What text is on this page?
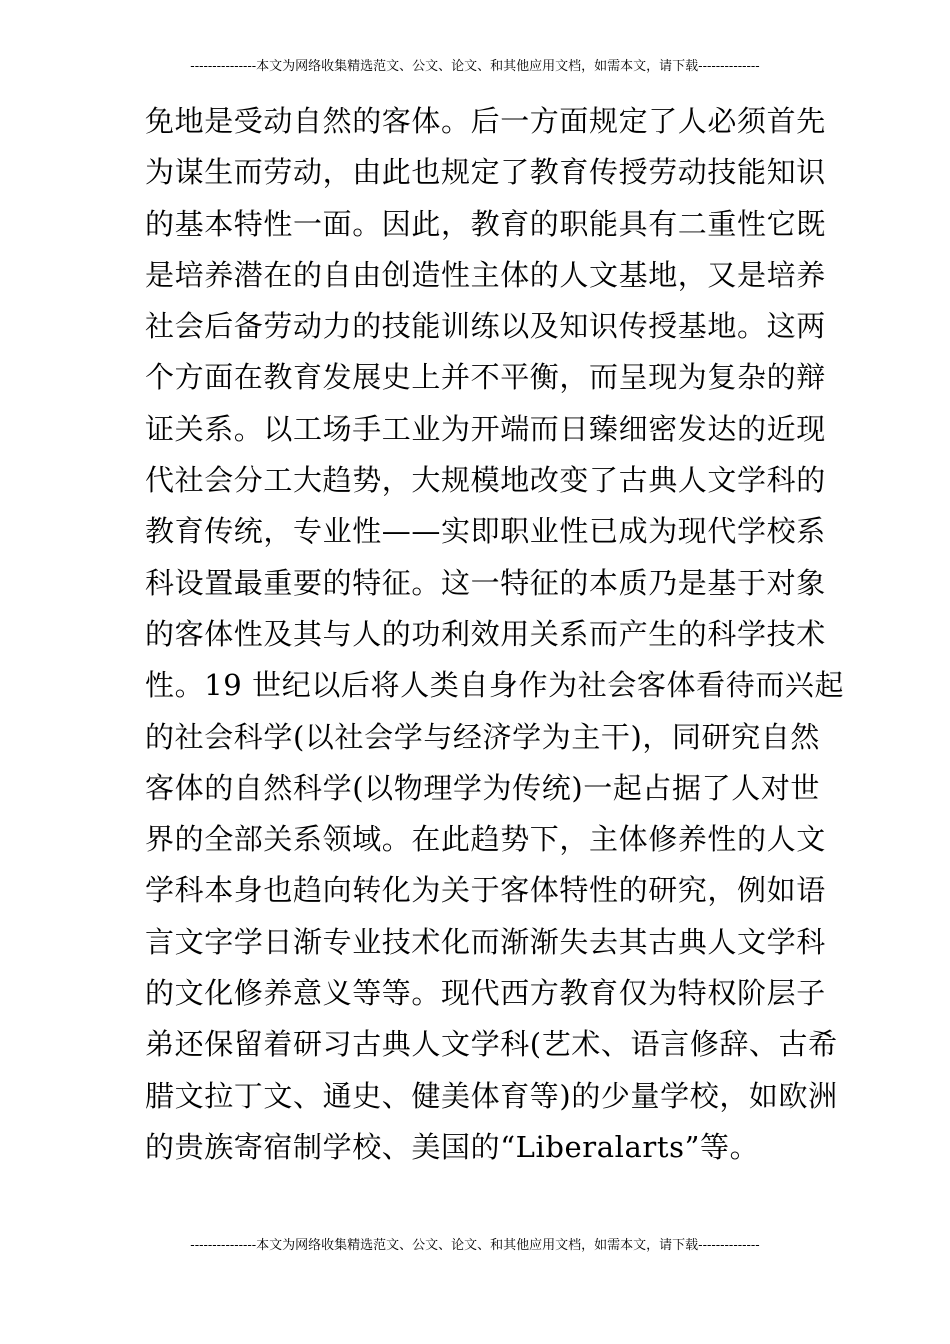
---------------本文为网络收集精选范文、公文、论文、和其他应用文档，如需本文，请下载--------------
免地是受动自然的客体。后一方面规定了人必须首先
为谋生而劳动，由此也规定了教育传授劳动技能知识
的基本特性一面。因此，教育的职能具有二重性它既
是培养潜在的自由创造性主体的人文基地，又是培养
社会后备劳动力的技能训练以及知识传授基地。这两
个方面在教育发展史上并不平衡，而呈现为复杂的辩
证关系。以工场手工业为开端而日臻细密发达的近现
代社会分工大趋势，大规模地改变了古典人文学科的
教育传统，专业性——实即职业性已成为现代学校系
科设置最重要的特征。这一特征的本质乃是基于对象
的客体性及其与人的功利效用关系而产生的科学技术
性。19 世纪以后将人类自身作为社会客体看待而兴起
的社会科学(以社会学与经济学为主干)，同研究自然
客体的自然科学(以物理学为传统)一起占据了人对世
界的全部关系领域。在此趋势下，主体修养性的人文
学科本身也趋向转化为关于客体特性的研究，例如语
言文字学日渐专业技术化而渐渐失去其古典人文学科
的文化修养意义等等。现代西方教育仅为特权阶层子
弟还保留着研习古典人文学科(艺术、语言修辞、古希
腊文拉丁文、通史、健美体育等)的少量学校，如欧洲
的贵族寄宿制学校、美国的“Liberalarts”等。
---------------本文为网络收集精选范文、公文、论文、和其他应用文档，如需本文，请下载--------------
